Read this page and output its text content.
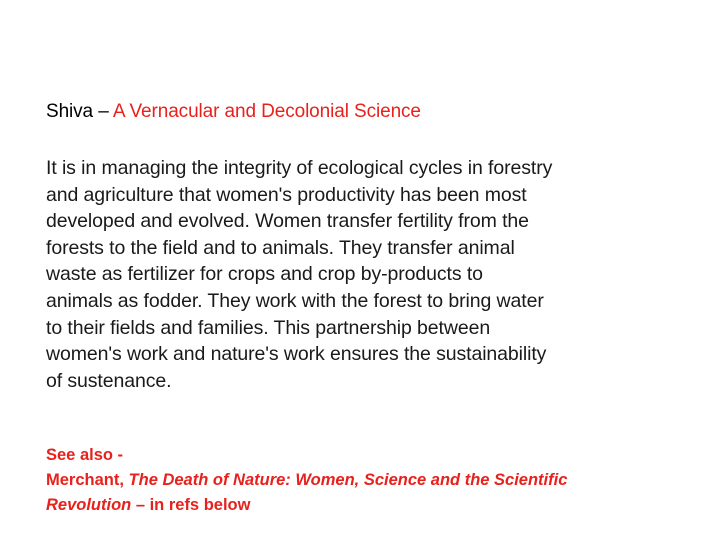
Shiva – A Vernacular and Decolonial Science
It is in managing the integrity of ecological cycles in forestry
and agriculture that women's productivity has been most
developed and evolved. Women transfer fertility from the
forests to the field and to animals. They transfer animal
waste as fertilizer for crops and crop by-products to
animals as fodder. They work with the forest to bring water
to their fields and families. This partnership between
women's work and nature's work ensures the sustainability
of sustenance.
See also -
Merchant, The Death of Nature: Women, Science and the Scientific
Revolution – in refs below
